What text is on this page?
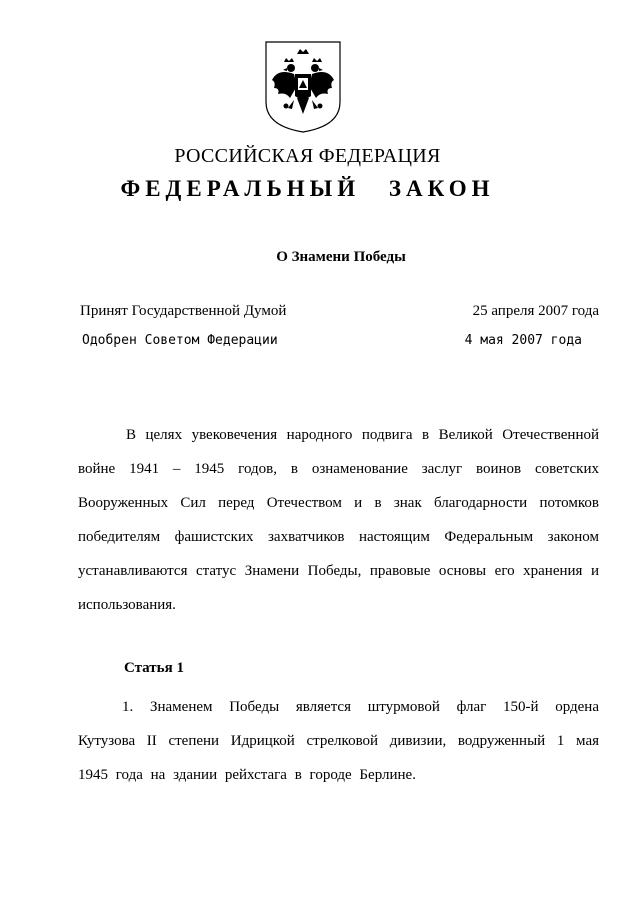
РОССИЙСКАЯ ФЕДЕРАЦИЯ
ФЕДЕРАЛЬНЫЙ ЗАКОН
О Знамени Победы
Принят Государственной Думой	25 апреля 2007 года
Одобрен Советом Федерации	4 мая 2007 года
В целях увековечения народного подвига в Великой Отечественной войне 1941 – 1945 годов, в ознаменование заслуг воинов советских Вооруженных Сил перед Отечеством и в знак благодарности потомков победителям фашистских захватчиков настоящим Федеральным законом устанавливаются статус Знамени Победы, правовые основы его хранения и использования.
Статья 1
1. Знаменем Победы является штурмовой флаг 150-й ордена Кутузова II степени Идрицкой стрелковой дивизии, водруженный 1 мая 1945 года на здании рейхстага в городе Берлине.
